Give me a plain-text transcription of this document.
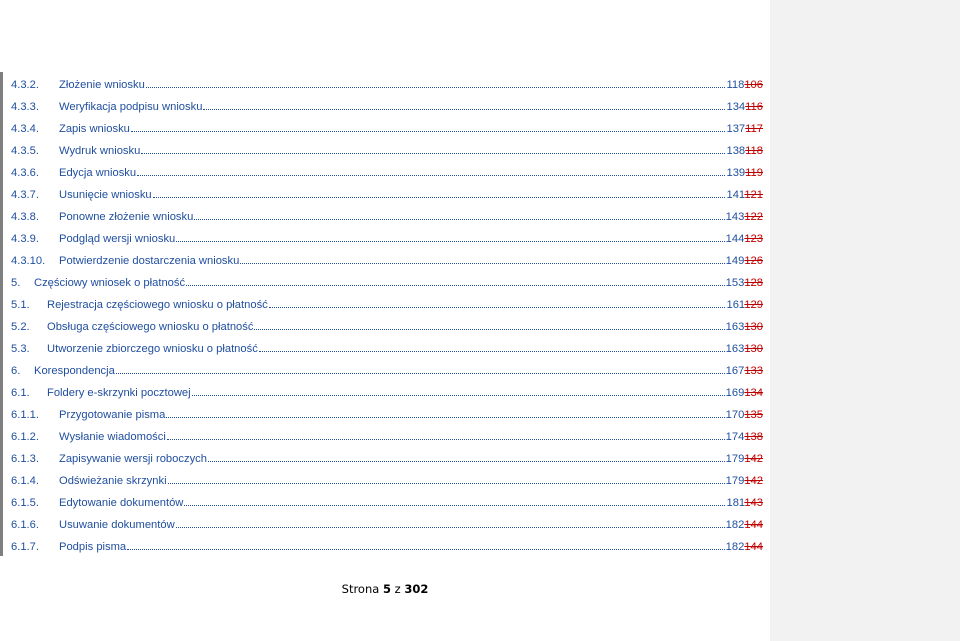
4.3.2.	Złożenie wniosku	118106
4.3.3.	Weryfikacja podpisu wniosku	134116
4.3.4.	Zapis wniosku	137117
4.3.5.	Wydruk wniosku	138118
4.3.6.	Edycja wniosku	139119
4.3.7.	Usunięcie wniosku	141121
4.3.8.	Ponowne złożenie wniosku	143122
4.3.9.	Podgląd wersji wniosku	144123
4.3.10.	Potwierdzenie dostarczenia wniosku	149126
5.	Częściowy wniosek o płatność	153128
5.1.	Rejestracja częściowego wniosku o płatność	161129
5.2.	Obsługa częściowego wniosku o płatność	163130
5.3.	Utworzenie zbiorczego wniosku o płatność	163130
6.	Korespondencja	167133
6.1.	Foldery e-skrzynki pocztowej	169134
6.1.1.	Przygotowanie pisma	170135
6.1.2.	Wysłanie wiadomości	174138
6.1.3.	Zapisywanie wersji roboczych	179142
6.1.4.	Odświeżanie skrzynki	179142
6.1.5.	Edytowanie dokumentów	181143
6.1.6.	Usuwanie dokumentów	182144
6.1.7.	Podpis pisma	182144
Strona 5 z 302
